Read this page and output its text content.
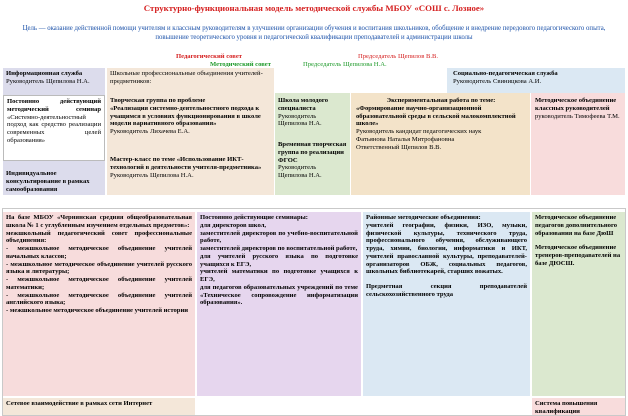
Структурно-функциональная модель методической службы МБОУ «СОШ с. Лозное»
Цель — оказание действенной помощи учителям и классным руководителям в улучшении организации обучения и воспитания школьников, обобщение и внедрение передового педагогического опыта, повышение теоретического уровня и педагогической квалификации преподавателей и администрации школы
Педагогический совет	Председатель Щепилов В.В.
Методический совет	Председатель Щепилова Н.А.
Информационная служба
Руководитель Щепилова Н.А.
Постоянно действующий методический семинар «Системно-деятельностный подход как средство реализации современных целей образования»
Индивидуальное консультирование в рамках самообразования
Школьные профессиональные объединения учителей-предметников:
Творческая группа по проблеме
«Реализация системно-деятельностного подхода к учащимся в условиях функционирования в школе модели вариативного образования»
Руководитель Лихачева Е.А.
Мастер-класс по теме «Использование ИКТ-технологий в деятельности учителя-предметника»
Руководитель Щепилова Н.А.
Школа молодого специалиста
Руководитель Щепилова Н.А.
Временная творческая группа по реализации ФГОС
Руководитель Щепилова Н.А.
Экспериментальная работа по теме:
«Формирование научно-организационной образовательной среды в сельской малокомплектной школе»
Руководитель кандидат педагогических наук
Фатьянова Наталья Митрофановна
Ответственный Щепилов В.В.
Социально-педагогическая служба
Руководитель Свиницкова А.И.
Методическое объединение классных руководителей
руководитель Тимофеева Т.М.
На базе МБОУ «Чернянская средняя общеобразовательная школа № 1 с углубленным изучением отдельных предметов»:
межшкольный педагогический совет профессиональные объединения:
- межшкольное методическое объединение учителей начальных классов;
- межшкольное методическое объединение учителей русского языка и литературы;
- межшкольное методическое объединение учителей математики;
- межшкольное методическое объединение учителей английского языка;
- межшкольное методическое объединение учителей истории
Постоянно действующие семинары:
для директоров школ,
заместителей директоров по учебно-воспитательной работе,
заместителей директоров по воспитательной работе,
для учителей русского языка по подготовке учащихся к ЕГЭ,
учителей математики по подготовке учащихся к ЕГЭ,
для педагогов образовательных учреждений по теме «Техническое сопровождение информатизации образования».
Районные методические объединения:
учителей географии, физики, ИЗО, музыки, физической культуры, технического труда, профессионального обучения, обслуживающего труда, химии, биологии, информатики и ИКТ, учителей православной культуры, преподавателей-организаторов ОБЖ, социальных педагогов, школьных библиотекарей, старших вожатых.
Предметная секция преподавателей сельскохозяйственного труда
Методическое объединение педагогов дополнительного образования на базе ДюШ
Методическое объединение тренеров-преподавателей на базе ДЮСШ.
Сетевое взаимодействие в рамках сети Интернет	Система повышения квалификации
